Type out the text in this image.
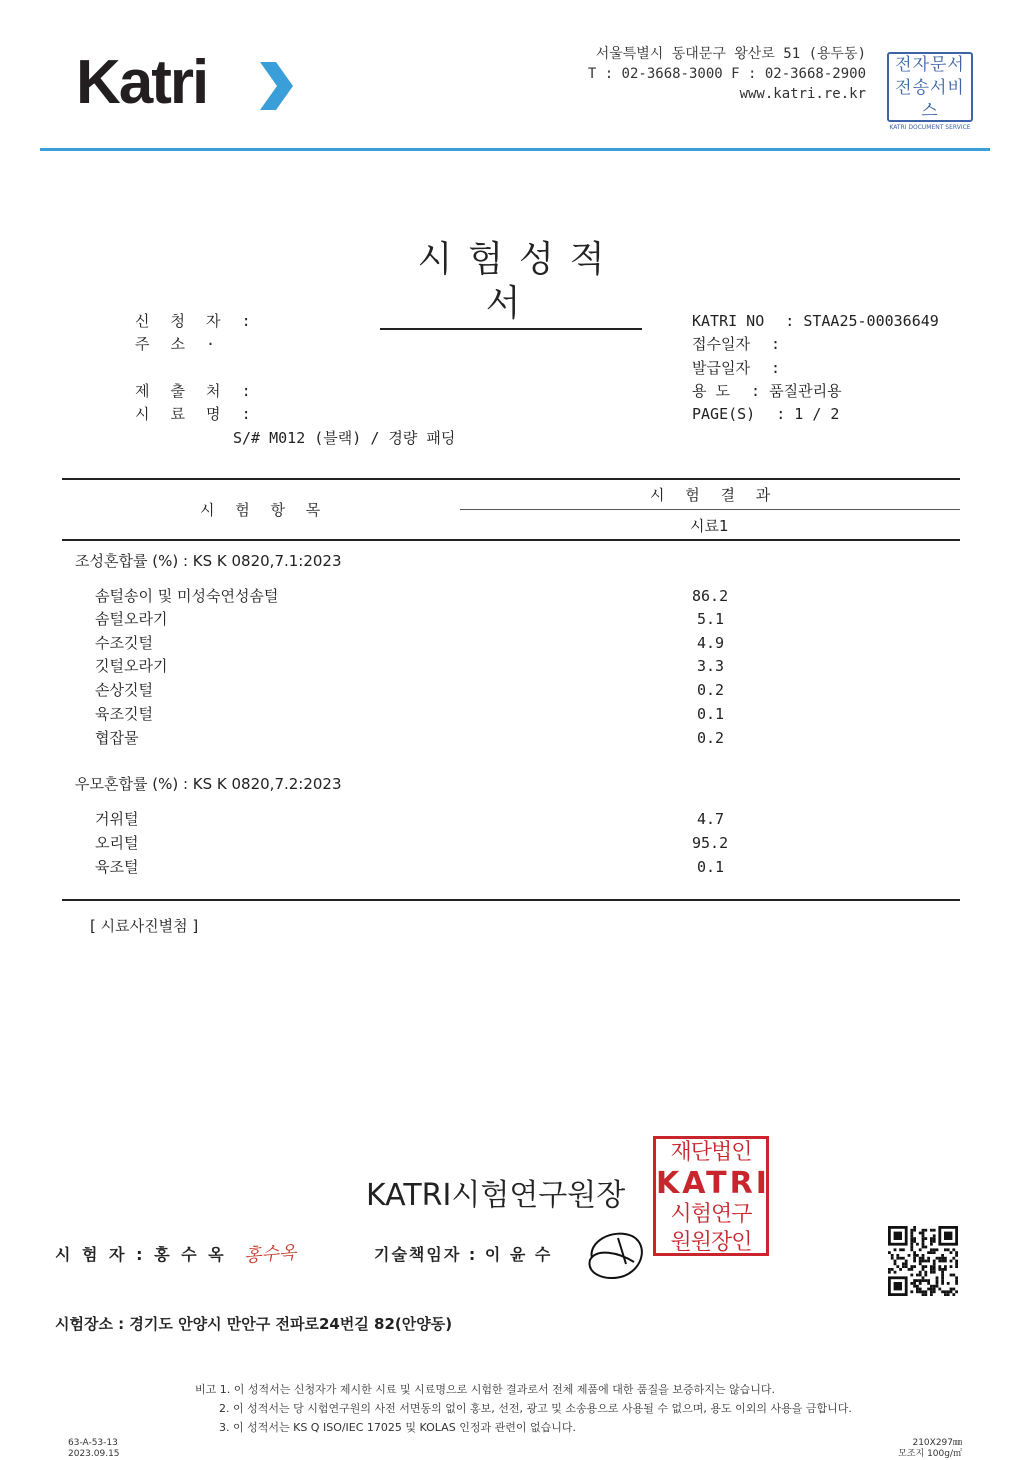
Katri	서울특별시 동대문구 왕산로 51 (용두동)
T : 02-3668-3000 F : 02-3668-2900
www.katri.re.kr
전자문서
전송서비스
KATRI DOCUMENT SERVICE
시험성적서
신 청 자 :
주 소 ·
제 출 처 :
시 료 명 :
S/# M012 (블랙) / 경량 패딩
KATRI NO : STAA25-00036649
접수일자 :
발급일자 :
용 도 : 품질관리용
PAGE(S) : 1 / 2
시 험 항 목
시 험 결 과
시료1
조성혼합률 (%) : KS K 0820,7.1:2023
솜털송이 및 미성숙연성솜털	86.2
솜털오라기	5.1
수조깃털	4.9
깃털오라기	3.3
손상깃털	0.2
육조깃털	0.1
협잡물	0.2
우모혼합률 (%) : KS K 0820,7.2:2023
거위털	4.7
오리털	95.2
육조털	0.1
[ 시료사진별첨 ]
KATRI시험연구원장
재단법인
KATRI
시험연구
원원장인
시 험 자 : 홍 수 옥 홍수옥	기술책임자 : 이 윤 수
시험장소 : 경기도 안양시 만안구 전파로24번길 82(안양동)
비고 1. 이 성적서는 신청자가 제시한 시료 및 시료명으로 시험한 결과로서 전체 제품에 대한 품질을 보증하지는 않습니다.
2. 이 성적서는 당 시험연구원의 사전 서면동의 없이 홍보, 선전, 광고 및 소송용으로 사용될 수 없으며, 용도 이외의 사용을 금합니다.
3. 이 성적서는 KS Q ISO/IEC 17025 및 KOLAS 인정과 관련이 없습니다.
63-A-53-13
2023.09.15
210X297㎜
모조지 100g/㎡
